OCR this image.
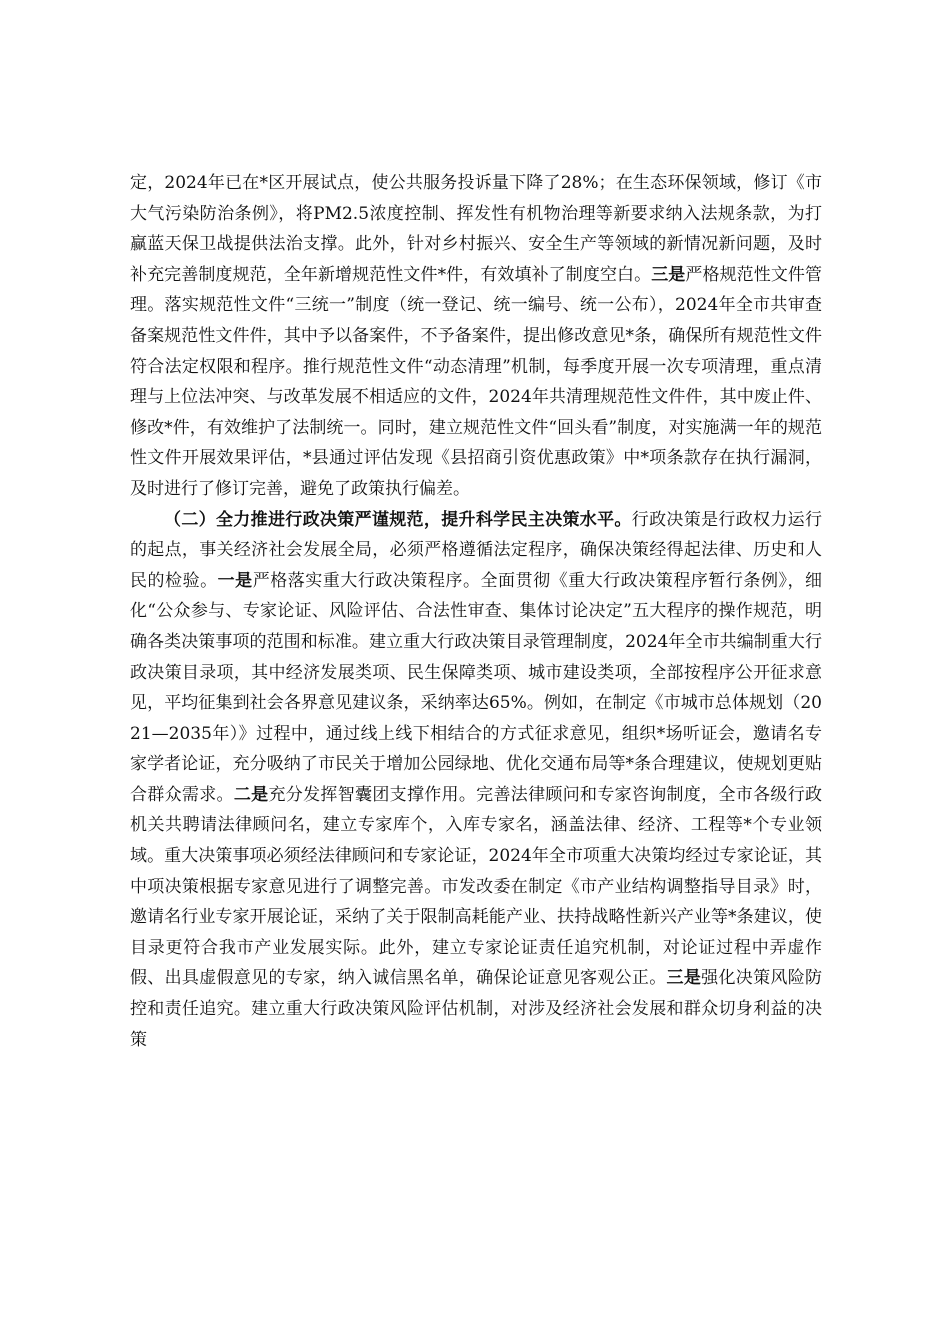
定，2024年已在*区开展试点，使公共服务投诉量下降了28%；在生态环保领域，修订《市大气污染防治条例》，将PM2.5浓度控制、挥发性有机物治理等新要求纳入法规条款，为打赢蓝天保卫战提供法治支撑。此外，针对乡村振兴、安全生产等领域的新情况新问题，及时补充完善制度规范，全年新增规范性文件*件，有效填补了制度空白。三是严格规范性文件管理。落实规范性文件“三统一”制度（统一登记、统一编号、统一公布），2024年全市共审查备案规范性文件件，其中予以备案件，不予备案件，提出修改意见*条，确保所有规范性文件符合法定权限和程序。推行规范性文件“动态清理”机制，每季度开展一次专项清理，重点清理与上位法冲突、与改革发展不相适应的文件，2024年共清理规范性文件件，其中废止件、修改*件，有效维护了法制统一。同时，建立规范性文件“回头看”制度，对实施满一年的规范性文件开展效果评估，*县通过评估发现《县招商引资优惠政策》中*项条款存在执行漏洞，及时进行了修订完善，避免了政策执行偏差。

（二）全力推进行政决策严谨规范，提升科学民主决策水平。行政决策是行政权力运行的起点，事关经济社会发展全局，必须严格遵循法定程序，确保决策经得起法律、历史和人民的检验。一是严格落实重大行政决策程序。全面贯彻《重大行政决策程序暂行条例》，细化“公众参与、专家论证、风险评估、合法性审查、集体讨论决定”五大程序的操作规范，明确各类决策事项的范围和标准。建立重大行政决策目录管理制度，2024年全市共编制重大行政决策目录项，其中经济发展类项、民生保障类项、城市建设类项，全部按程序公开征求意见，平均征集到社会各界意见建议条，采纳率达65%。例如，在制定《市城市总体规划（2021—2035年）》过程中，通过线上线下相结合的方式征求意见，组织*场听证会，邀请名专家学者论证，充分吸纳了市民关于增加公园绿地、优化交通布局等*条合理建议，使规划更贴合群众需求。二是充分发挥智囊团支撑作用。完善法律顾问和专家咨询制度，全市各级行政机关共聘请法律顾问名，建立专家库个，入库专家名，涵盖法律、经济、工程等*个专业领域。重大决策事项必须经法律顾问和专家论证，2024年全市项重大决策均经过专家论证，其中项决策根据专家意见进行了调整完善。市发改委在制定《市产业结构调整指导目录》时，邀请名行业专家开展论证，采纳了关于限制高耗能产业、扶持战略性新兴产业等*条建议，使目录更符合我市产业发展实际。此外，建立专家论证责任追究机制，对论证过程中弄虚作假、出具虚假意见的专家，纳入诚信黑名单，确保论证意见客观公正。三是强化决策风险防控和责任追究。建立重大行政决策风险评估机制，对涉及经济社会发展和群众切身利益的决策
